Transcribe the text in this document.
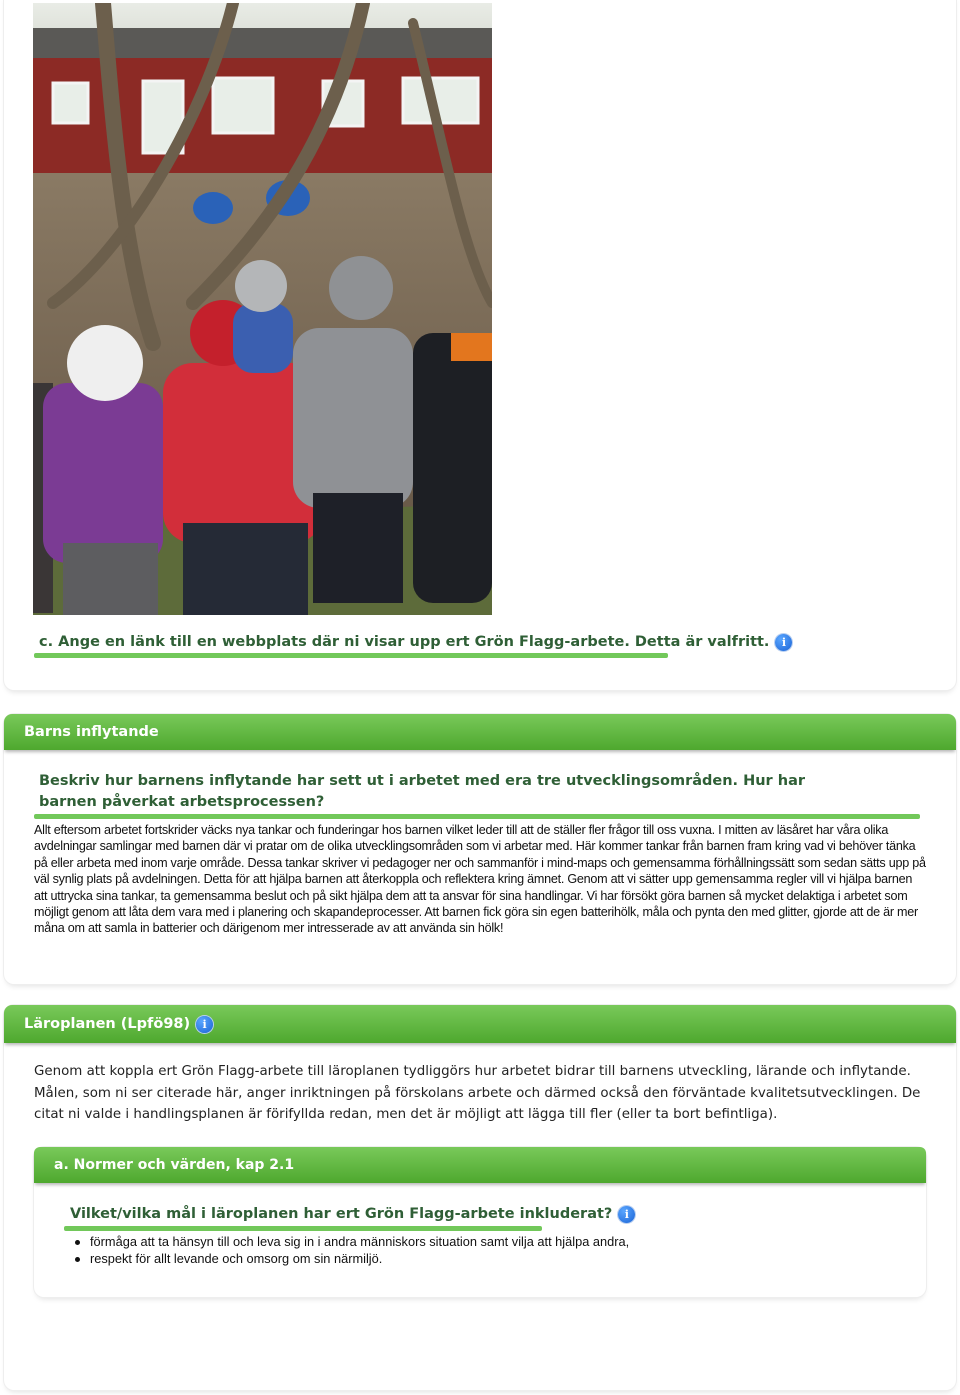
c. Ange en länk till en webbplats där ni visar upp ert Grön Flagg-arbete. Detta är valfritt. i
Barns inflytande
Beskriv hur barnens inflytande har sett ut i arbetet med era tre utvecklingsområden. Hur har barnen påverkat arbetsprocessen?
Allt eftersom arbetet fortskrider väcks nya tankar och funderingar hos barnen vilket leder till att de ställer fler frågor till oss vuxna. I mitten av läsåret har våra olika avdelningar samlingar med barnen där vi pratar om de olika utvecklingsområden som vi arbetar med. Här kommer tankar från barnen fram kring vad vi behöver tänka på eller arbeta med inom varje område. Dessa tankar skriver vi pedagoger ner och sammanför i mind-maps och gemensamma förhållningssätt som sedan sätts upp på väl synlig plats på avdelningen. Detta för att hjälpa barnen att återkoppla och reflektera kring ämnet. Genom att vi sätter upp gemensamma regler vill vi hjälpa barnen att uttrycka sina tankar, ta gemensamma beslut och på sikt hjälpa dem att ta ansvar för sina handlingar. Vi har försökt göra barnen så mycket delaktiga i arbetet som möjligt genom att låta dem vara med i planering och skapandeprocesser. Att barnen fick göra sin egen batterihölk, måla och pynta den med glitter, gjorde att de är mer måna om att samla in batterier och därigenom mer intresserade av att använda sin hölk!
Läroplanen (Lpfö98)	i
Genom att koppla ert Grön Flagg-arbete till läroplanen tydliggörs hur arbetet bidrar till barnens utveckling, lärande och inflytande. Målen, som ni ser citerade här, anger inriktningen på förskolans arbete och därmed också den förväntade kvalitetsutvecklingen. De citat ni valde i handlingsplanen är förifyllda redan, men det är möjligt att lägga till fler (eller ta bort befintliga).
a. Normer och värden, kap 2.1
Vilket/vilka mål i läroplanen har ert Grön Flagg-arbete inkluderat? i
förmåga att ta hänsyn till och leva sig in i andra människors situation samt vilja att hjälpa andra,
respekt för allt levande och omsorg om sin närmiljö.
